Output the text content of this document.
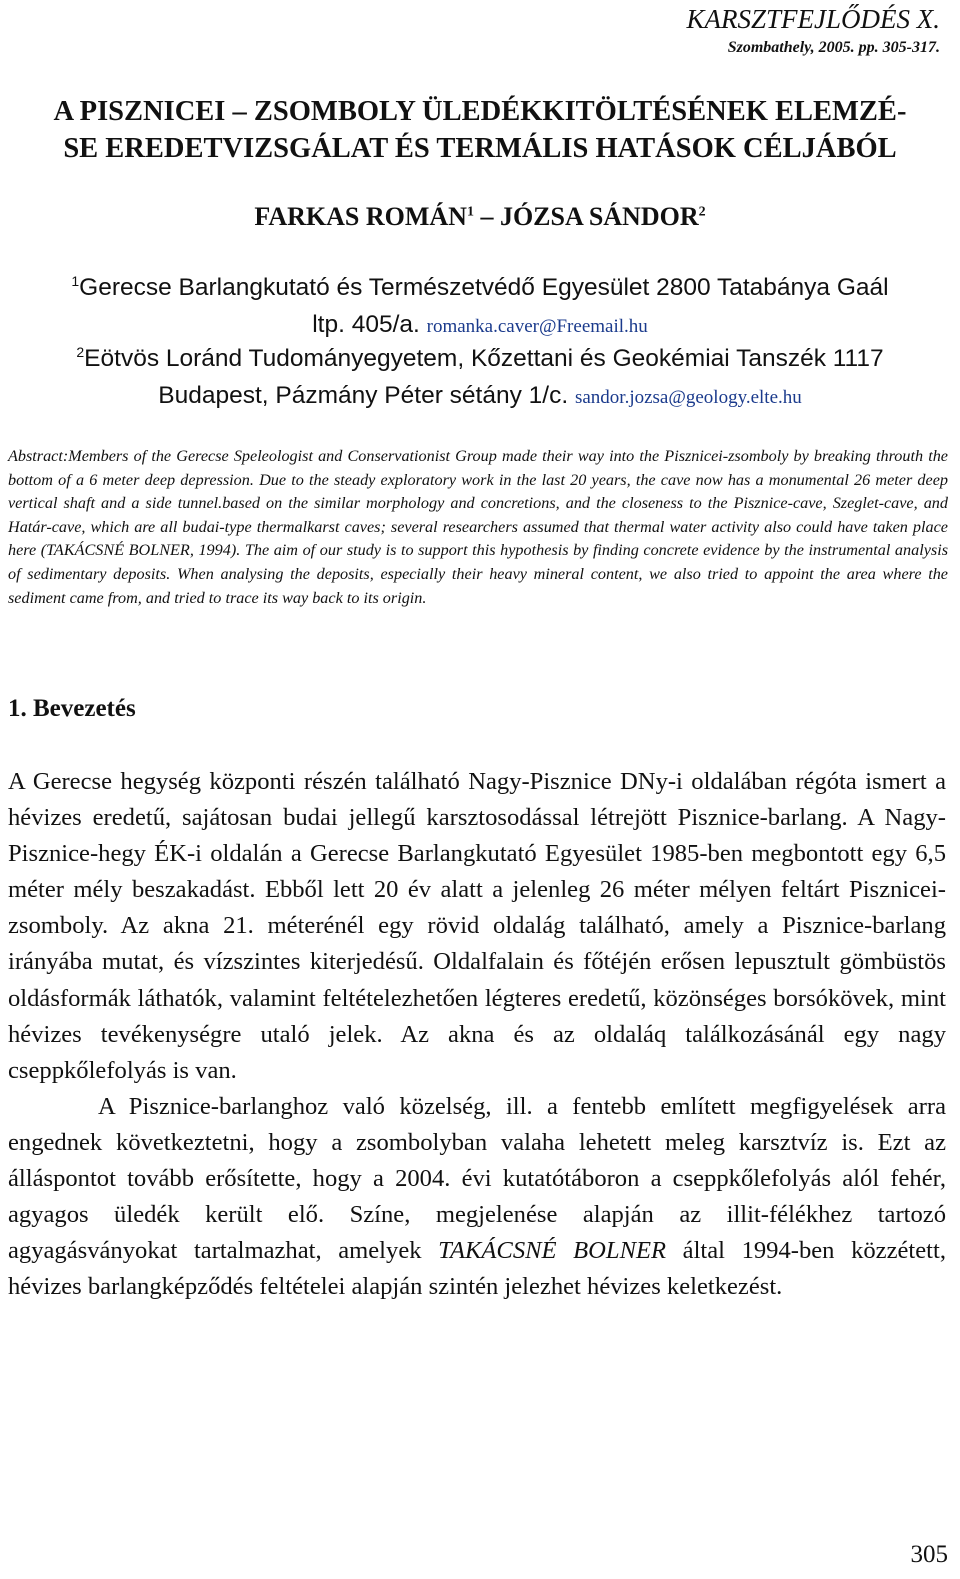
KARSZTFEJLŐDÉS X.
Szombathely, 2005. pp. 305-317.
A PISZNICEI – ZSOMBOLY ÜLEDÉKKITÖLTÉSÉNEK ELEMZÉ-
SE EREDETVIZSGÁLAT ÉS TERMÁLIS HATÁSOK CÉLJÁBÓL
FARKAS ROMÁN$^1$ – JÓZSA SÁNDOR$^2$
$^1$Gerecse Barlangkutató és Természetvédő Egyesület 2800 Tatabánya Gaál
ltp. 405/a. romanka.caver@Freemail.hu
$^2$Eötvös Loránd Tudományegyetem, Kőzettani és Geokémiai Tanszék 1117
Budapest, Pázmány Péter sétány 1/c. sandor.jozsa@geology.elte.hu
Abstract:Members of the Gerecse Speleologist and Conservationist Group made their way into the Pisznicei-zsomboly by breaking throuth the bottom of a 6 meter deep depression. Due to the steady exploratory work in the last 20 years, the cave now has a monumental 26 meter deep vertical shaft and a side tunnel.based on the similar morphology and concretions, and the closeness to the Pisznice-cave, Szeglet-cave, and Határ-cave, which are all budai-type thermalkarst caves; several researchers assumed that thermal water activity also could have taken place here (TAKÁCSNÉ BOLNER, 1994). The aim of our study is to support this hypothesis by finding concrete evidence by the instrumental analysis of sedimentary deposits. When analysing the deposits, especially their heavy mineral content, we also tried to appoint the area where the sediment came from, and tried to trace its way back to its origin.
1. Bevezetés

A Gerecse hegység központi részén található Nagy-Pisznice DNy-i oldalában régóta ismert a hévizes eredetű, sajátosan budai jellegű karsztosodással létrejött Pisznice-barlang. A Nagy-Pisznice-hegy ÉK-i oldalán a Gerecse Barlangkutató Egyesület 1985-ben megbontott egy 6,5 méter mély beszakadást. Ebből lett 20 év alatt a jelenleg 26 méter mélyen feltárt Pisznicei-zsomboly. Az akna 21. méterénél egy rövid oldalág található, amely a Pisznice-barlang irányába mutat, és vízszintes kiterjedésű. Oldalfalain és főtéjén erősen lepusztult gömbüstös oldásformák láthatók, valamint feltételezhetően légteres eredetű, közönséges borsókövek, mint hévizes tevékenységre utaló jelek. Az akna és az oldaláq találkozásánál egy nagy cseppkőlefolyás is van.

A Pisznice-barlanghoz való közelség, ill. a fentebb említett megfigyelések arra engednek következtetni, hogy a zsombolyban valaha lehetett meleg karsztvíz is. Ezt az álláspontot tovább erősítette, hogy a 2004. évi kutatótáboron a cseppkőlefolyás alól fehér, agyagos üledék került elő. Színe, megjelenése alapján az illit-félékhez tartozó agyagásványokat tartalmazhat, amelyek TAKÁCSNÉ BOLNER által 1994-ben közzétett, hévizes barlangképződés feltételei alapján szintén jelezhet hévizes keletkezést.

305
